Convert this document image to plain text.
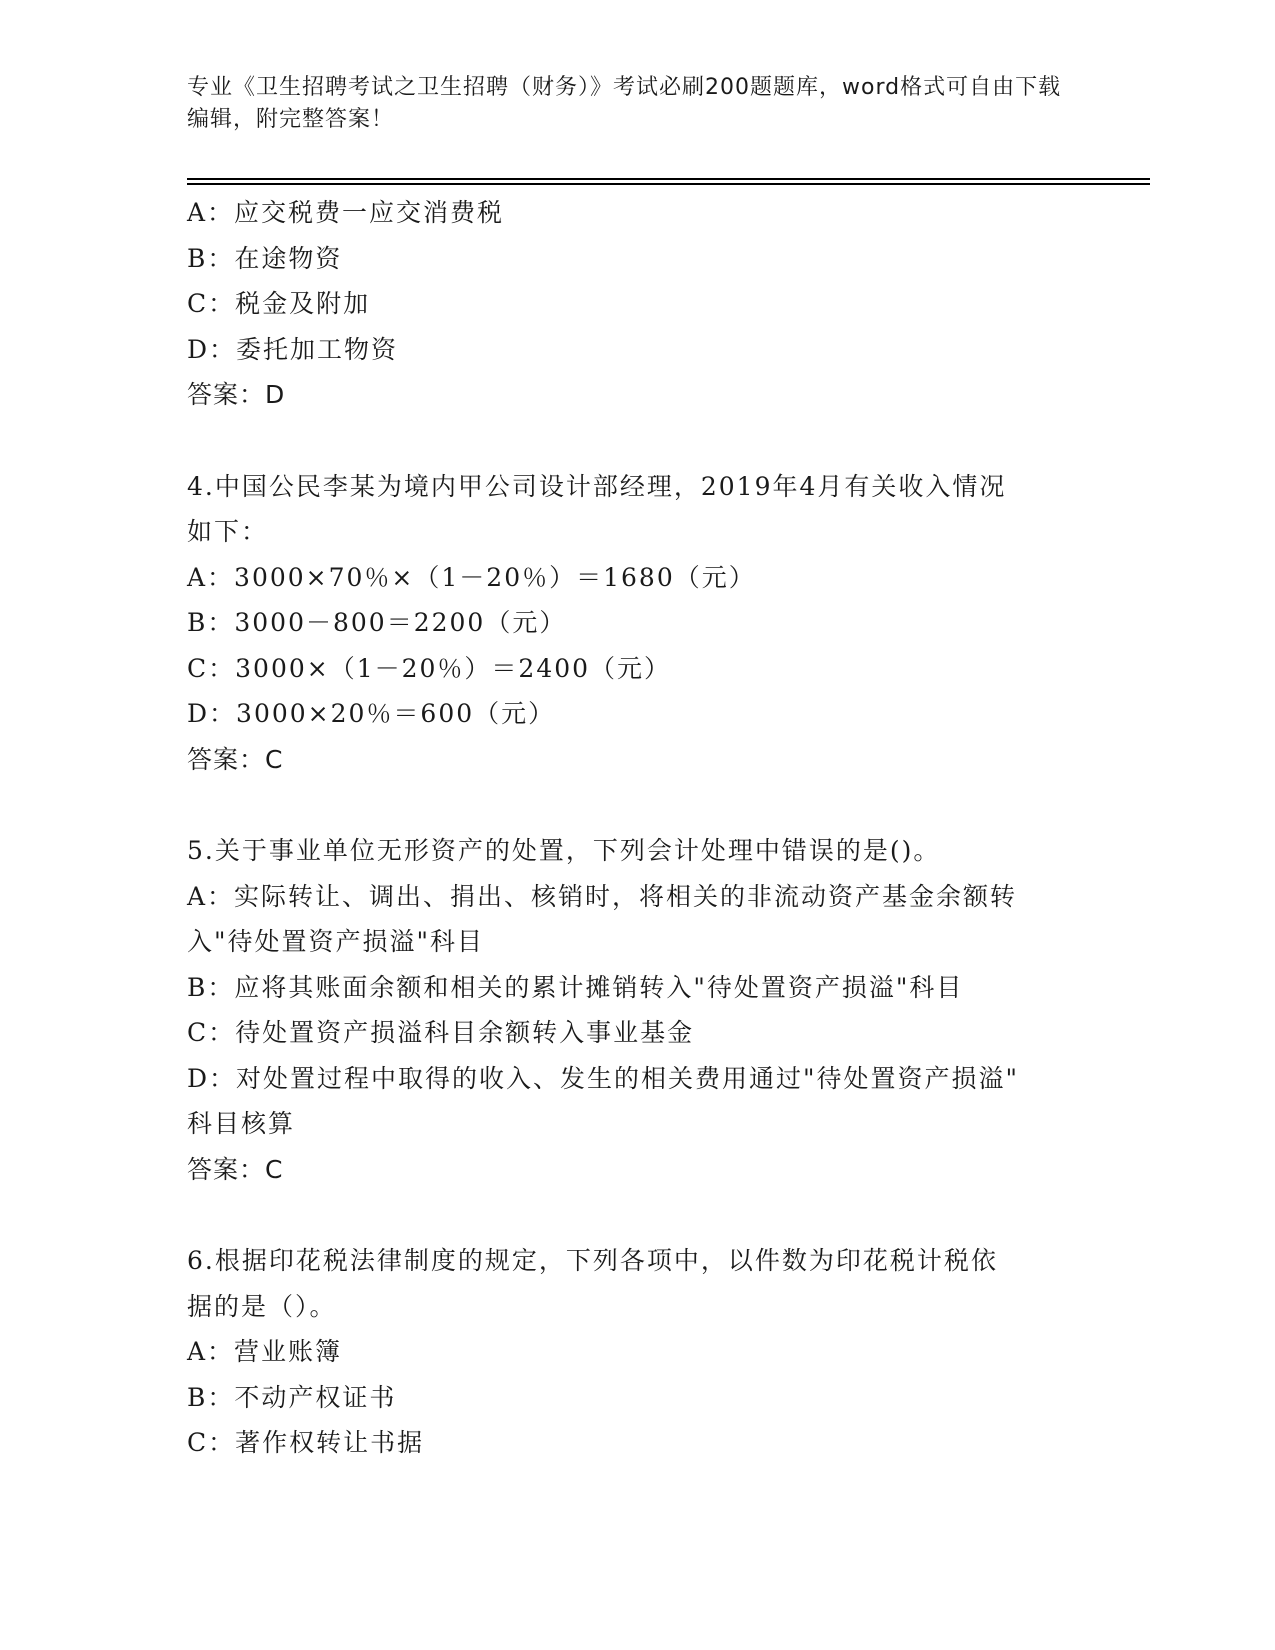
专业《卫生招聘考试之卫生招聘（财务）》考试必刷200题题库，word格式可自由下载编辑，附完整答案！
A：应交税费一应交消费税
B：在途物资
C：税金及附加
D：委托加工物资
答案：D
4.中国公民李某为境内甲公司设计部经理，2019年4月有关收入情况
如下：
A：3000×70％×（1－20％）＝1680（元）
B：3000－800＝2200（元）
C：3000×（1－20％）＝2400（元）
D：3000×20％＝600（元）
答案：C
5.关于事业单位无形资产的处置，下列会计处理中错误的是()。
A：实际转让、调出、捐出、核销时，将相关的非流动资产基金余额转
入"待处置资产损溢"科目
B：应将其账面余额和相关的累计摊销转入"待处置资产损溢"科目
C：待处置资产损溢科目余额转入事业基金
D：对处置过程中取得的收入、发生的相关费用通过"待处置资产损溢"
科目核算
答案：C
6.根据印花税法律制度的规定，下列各项中，以件数为印花税计税依
据的是（）。
A：营业账簿
B：不动产权证书
C：著作权转让书据
